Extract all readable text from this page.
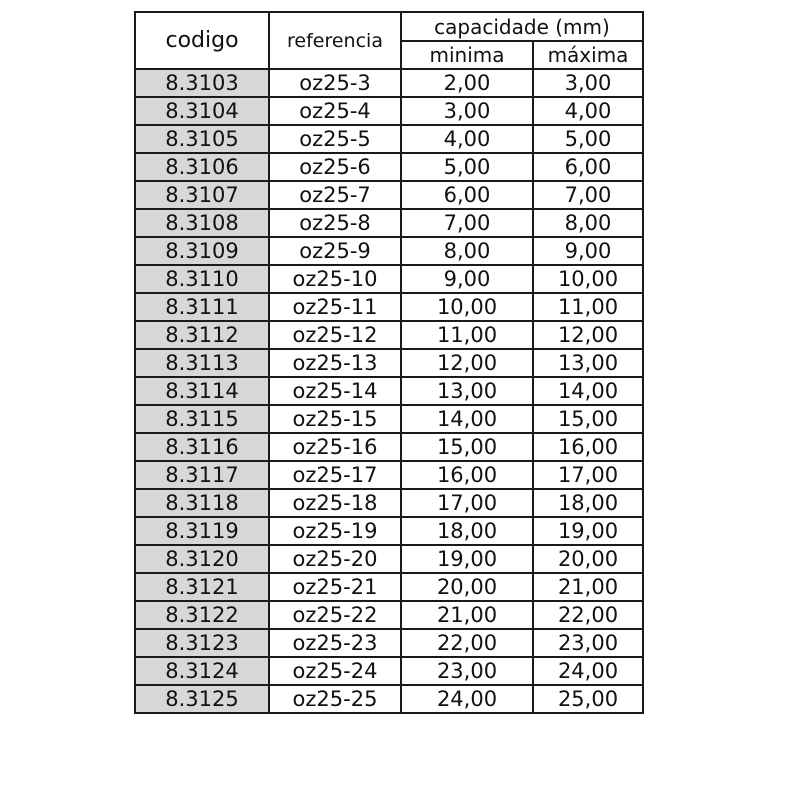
codigo	referencia	capacidade (mm)	
		minima	máxima
8.3103	oz25-3	2,00	3,00
8.3104	oz25-4	3,00	4,00
8.3105	oz25-5	4,00	5,00
8.3106	oz25-6	5,00	6,00
8.3107	oz25-7	6,00	7,00
8.3108	oz25-8	7,00	8,00
8.3109	oz25-9	8,00	9,00
8.3110	oz25-10	9,00	10,00
8.3111	oz25-11	10,00	11,00
8.3112	oz25-12	11,00	12,00
8.3113	oz25-13	12,00	13,00
8.3114	oz25-14	13,00	14,00
8.3115	oz25-15	14,00	15,00
8.3116	oz25-16	15,00	16,00
8.3117	oz25-17	16,00	17,00
8.3118	oz25-18	17,00	18,00
8.3119	oz25-19	18,00	19,00
8.3120	oz25-20	19,00	20,00
8.3121	oz25-21	20,00	21,00
8.3122	oz25-22	21,00	22,00
8.3123	oz25-23	22,00	23,00
8.3124	oz25-24	23,00	24,00
8.3125	oz25-25	24,00	25,00
